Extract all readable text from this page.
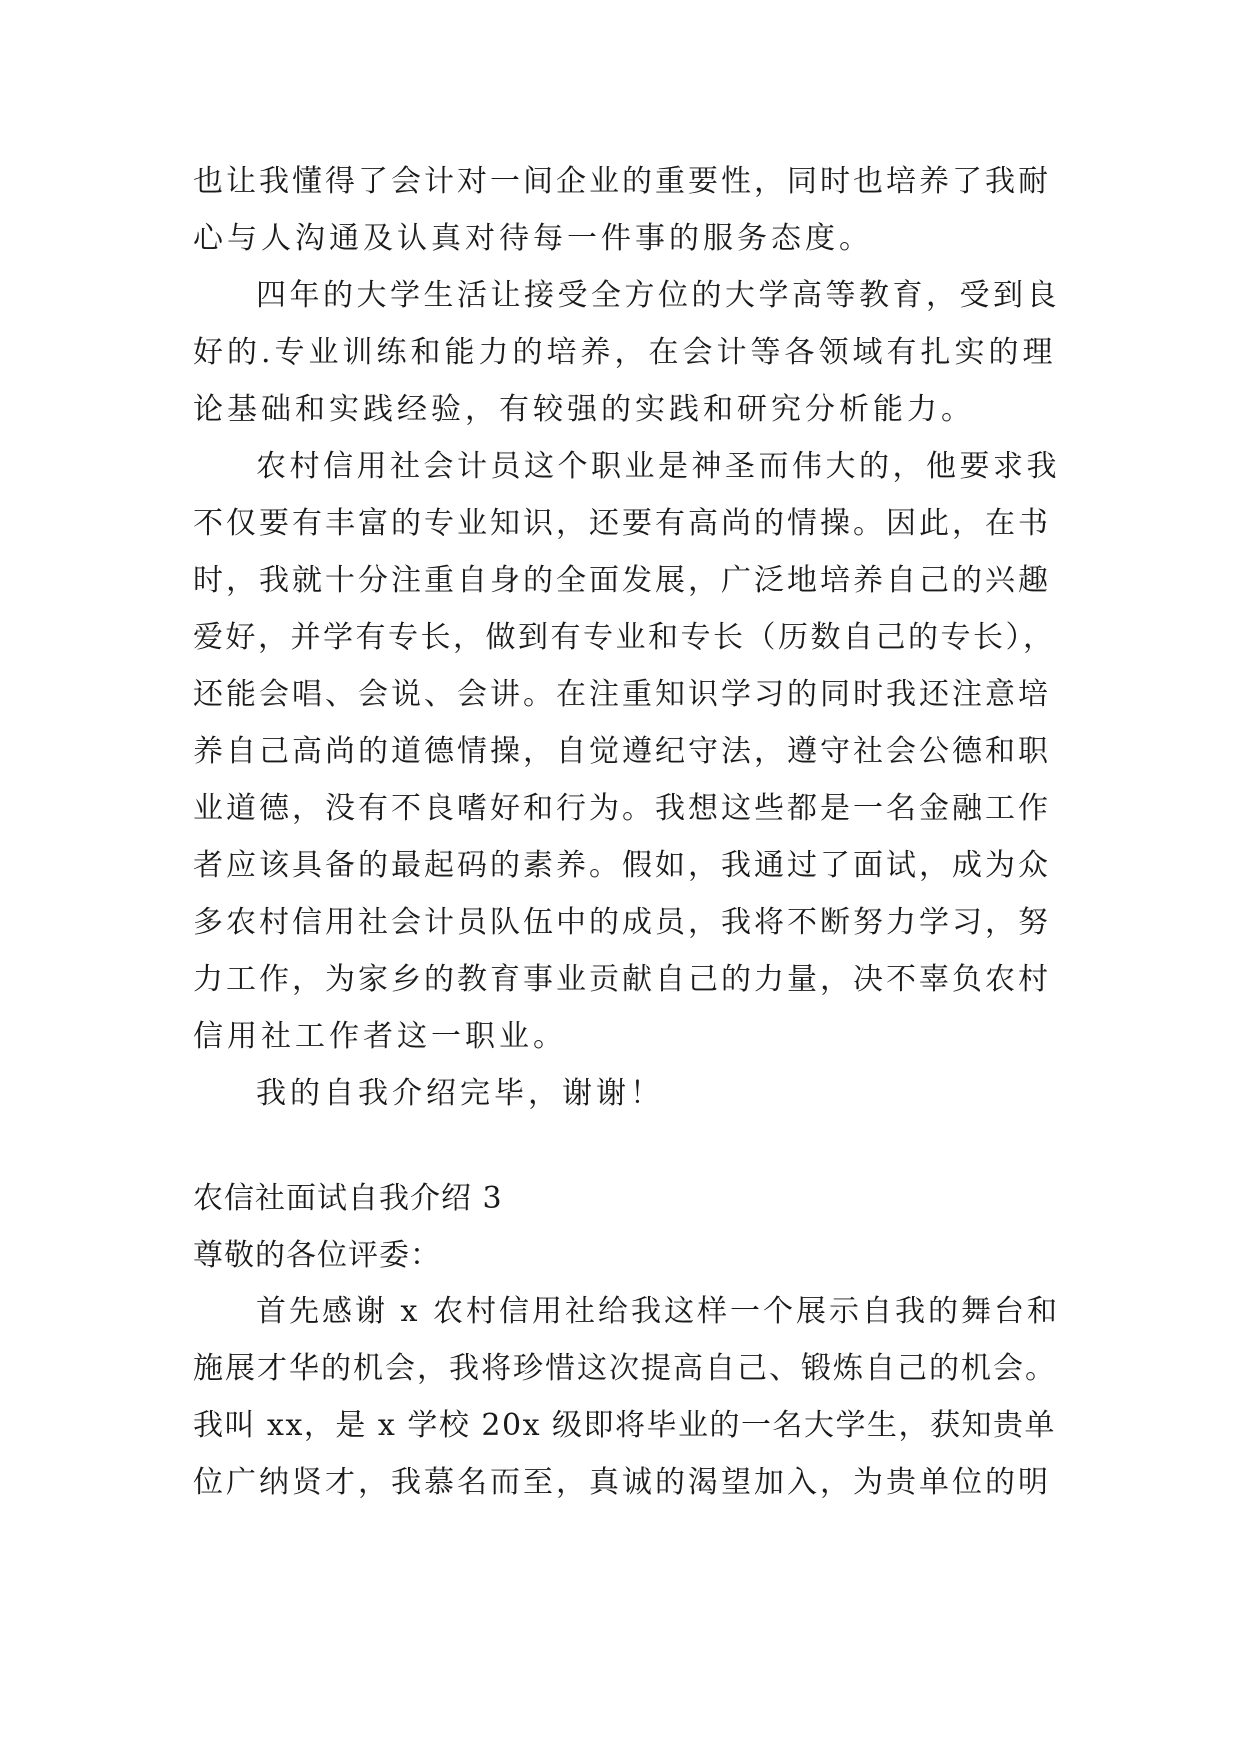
也让我懂得了会计对一间企业的重要性，同时也培养了我耐
心与人沟通及认真对待每一件事的服务态度。
四年的大学生活让接受全方位的大学高等教育，受到良
好的.专业训练和能力的培养，在会计等各领域有扎实的理
论基础和实践经验，有较强的实践和研究分析能力。
农村信用社会计员这个职业是神圣而伟大的，他要求我
不仅要有丰富的专业知识，还要有高尚的情操。因此，在书
时，我就十分注重自身的全面发展，广泛地培养自己的兴趣
爱好，并学有专长，做到有专业和专长（历数自己的专长），
还能会唱、会说、会讲。在注重知识学习的同时我还注意培
养自己高尚的道德情操，自觉遵纪守法，遵守社会公德和职
业道德，没有不良嗜好和行为。我想这些都是一名金融工作
者应该具备的最起码的素养。假如，我通过了面试，成为众
多农村信用社会计员队伍中的成员，我将不断努力学习，努
力工作，为家乡的教育事业贡献自己的力量，决不辜负农村
信用社工作者这一职业。
我的自我介绍完毕，谢谢！
农信社面试自我介绍 3
尊敬的各位评委：
首先感谢 x 农村信用社给我这样一个展示自我的舞台和
施展才华的机会，我将珍惜这次提高自己、锻炼自己的机会。
我叫 xx，是 x 学校 20x 级即将毕业的一名大学生，获知贵单
位广纳贤才，我慕名而至，真诚的渴望加入，为贵单位的明
